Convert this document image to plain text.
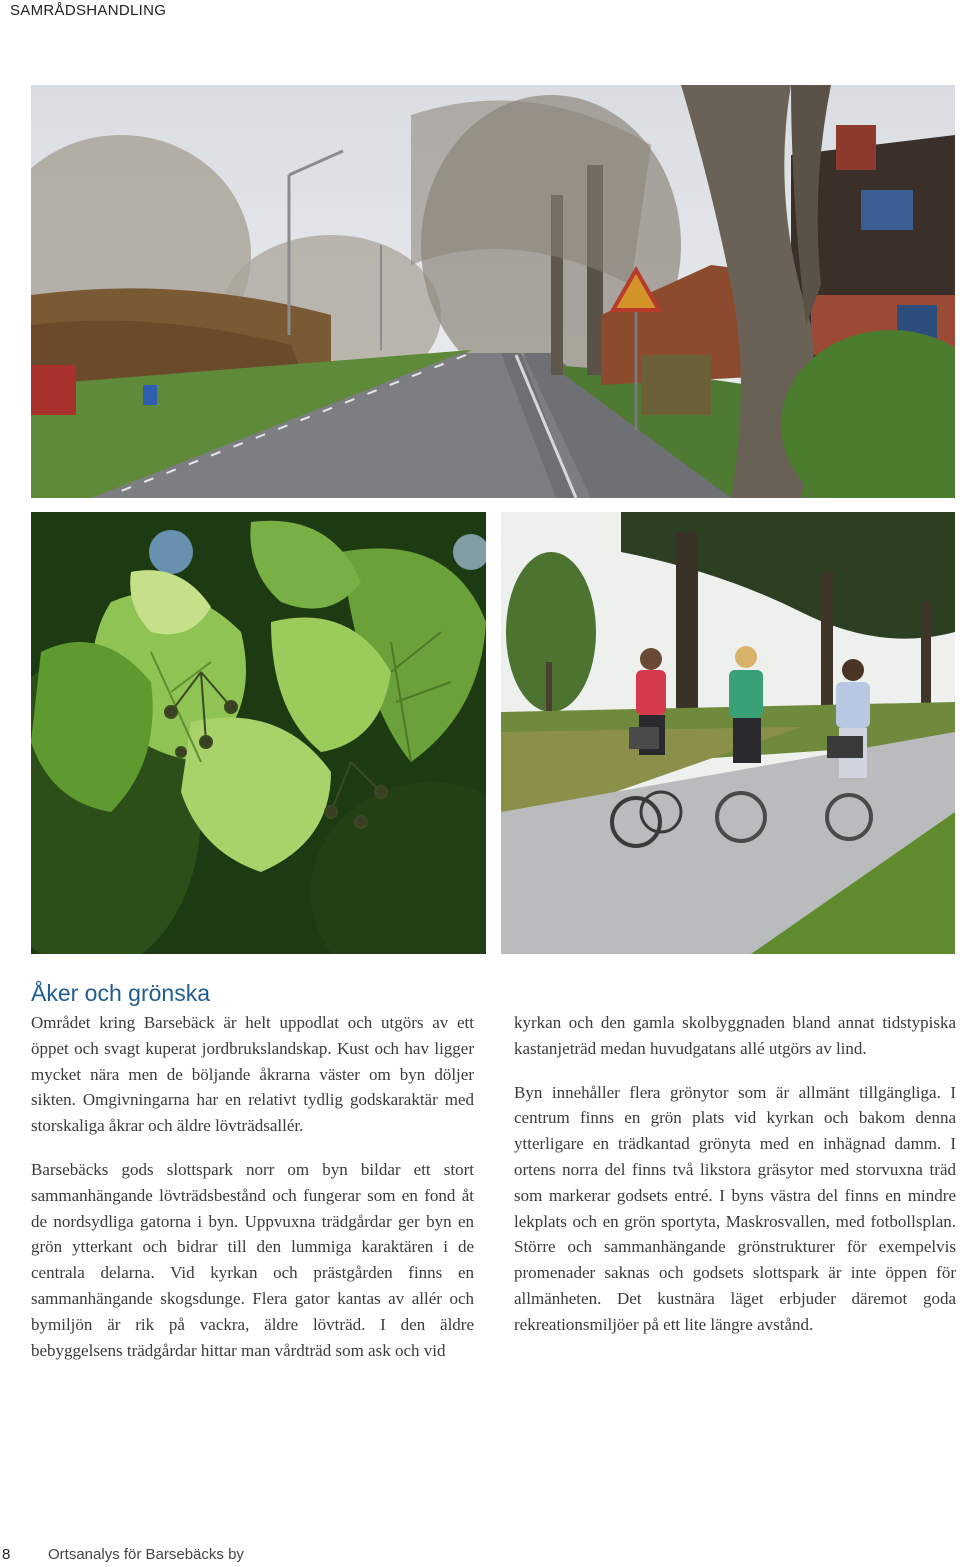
SAMRÅDSHANDLING
Åker och grönska

Området kring Barsebäck är helt uppodlat och utgörs av ett öppet och svagt kuperat jordbrukslandskap. Kust och hav ligger mycket nära men de böljande åkrarna väster om byn döljer sikten. Omgivningarna har en relativt tydlig godskaraktär med storskaliga åkrar och äldre lövträdsallér.

Barsebäcks gods slottspark norr om byn bildar ett stort sammanhängande lövträdsbestånd och fungerar som en fond åt de nordsydliga gatorna i byn. Uppvuxna trädgårdar ger byn en grön ytterkant och bidrar till den lummiga karaktären i de centrala delarna. Vid kyrkan och prästgården finns en sammanhängande skogsdunge. Flera gator kantas av allér och bymiljön är rik på vackra, äldre lövträd. I den äldre bebyggelsens trädgårdar hittar man vårdträd som ask och vid

kyrkan och den gamla skolbyggnaden bland annat tidstypiska kastanjeträd medan huvudgatans allé utgörs av lind.

Byn innehåller flera grönytor som är allmänt tillgängliga. I centrum finns en grön plats vid kyrkan och bakom denna ytterligare en trädkantad grönyta med en inhägnad damm. I ortens norra del finns två likstora gräsytor med storvuxna träd som markerar godsets entré. I byns västra del finns en mindre lekplats och en grön sportyta, Maskrosvallen, med fotbollsplan. Större och sammanhängande grönstrukturer för exempelvis promenader saknas och godsets slottspark är inte öppen för allmänheten. Det kustnära läget erbjuder däremot goda rekreationsmiljöer på ett lite längre avstånd.

8	Ortsanalys för Barsebäcks by
